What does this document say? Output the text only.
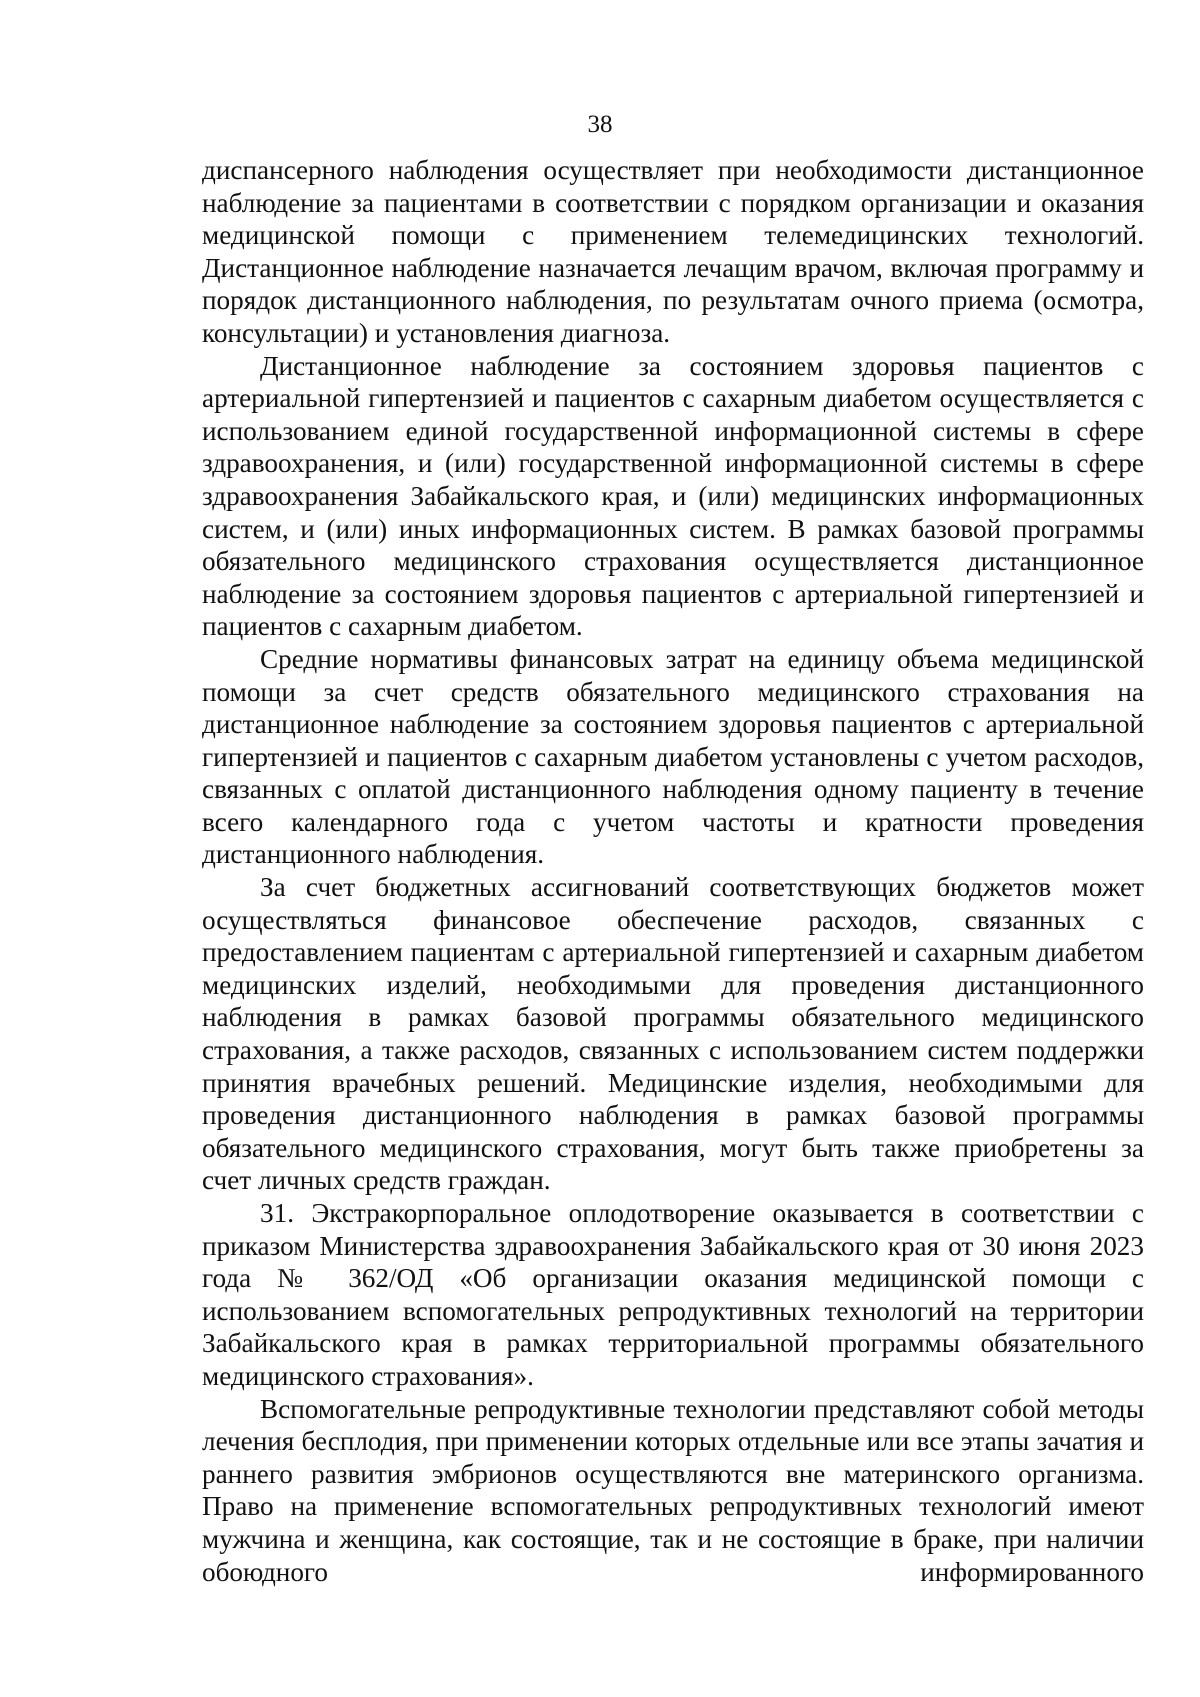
38

диспансерного наблюдения осуществляет при необходимости дистанционное наблюдение за пациентами в соответствии с порядком организации и оказания медицинской помощи с применением телемедицинских технологий. Дистанционное наблюдение назначается лечащим врачом, включая программу и порядок дистанционного наблюдения, по результатам очного приема (осмотра, консультации) и установления диагноза.

Дистанционное наблюдение за состоянием здоровья пациентов с артериальной гипертензией и пациентов с сахарным диабетом осуществляется с использованием единой государственной информационной системы в сфере здравоохранения, и (или) государственной информационной системы в сфере здравоохранения Забайкальского края, и (или) медицинских информационных систем, и (или) иных информационных систем. В рамках базовой программы обязательного медицинского страхования осуществляется дистанционное наблюдение за состоянием здоровья пациентов с артериальной гипертензией и пациентов с сахарным диабетом.

Средние нормативы финансовых затрат на единицу объема медицинской помощи за счет средств обязательного медицинского страхования на дистанционное наблюдение за состоянием здоровья пациентов с артериальной гипертензией и пациентов с сахарным диабетом установлены с учетом расходов, связанных с оплатой дистанционного наблюдения одному пациенту в течение всего календарного года с учетом частоты и кратности проведения дистанционного наблюдения.

За счет бюджетных ассигнований соответствующих бюджетов может осуществляться финансовое обеспечение расходов, связанных с предоставлением пациентам с артериальной гипертензией и сахарным диабетом медицинских изделий, необходимыми для проведения дистанционного наблюдения в рамках базовой программы обязательного медицинского страхования, а также расходов, связанных с использованием систем поддержки принятия врачебных решений. Медицинские изделия, необходимыми для проведения дистанционного наблюдения в рамках базовой программы обязательного медицинского страхования, могут быть также приобретены за счет личных средств граждан.

31. Экстракорпоральное оплодотворение оказывается в соответствии с приказом Министерства здравоохранения Забайкальского края от 30 июня 2023 года № 362/ОД «Об организации оказания медицинской помощи с использованием вспомогательных репродуктивных технологий на территории Забайкальского края в рамках территориальной программы обязательного медицинского страхования».

Вспомогательные репродуктивные технологии представляют собой методы лечения бесплодия, при применении которых отдельные или все этапы зачатия и раннего развития эмбрионов осуществляются вне материнского организма. Право на применение вспомогательных репродуктивных технологий имеют мужчина и женщина, как состоящие, так и не состоящие в браке, при наличии обоюдного информированного
